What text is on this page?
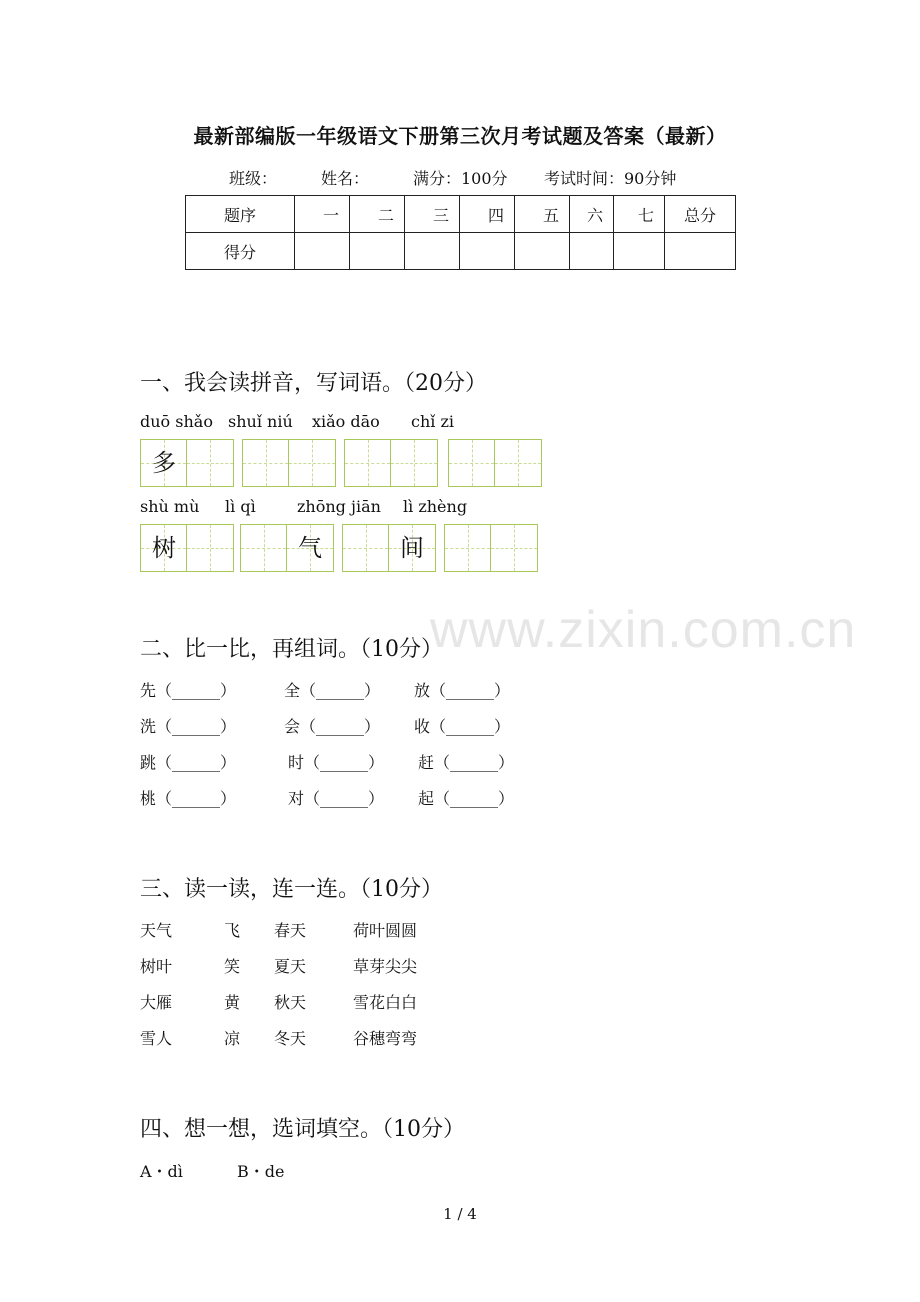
最新部编版一年级语文下册第三次月考试题及答案（最新）
班级：	姓名：	满分：100分 考试时间：90分钟
题序	一	二	三	四	五	六	七	总分
得分								
一、我会读拼音，写词语。（20分）
duō shǎo shuǐ niú xiǎo dāo chǐ zi
多
shù mù lì qì	zhōng jiān lì zhèng
树	气	间
www.zixin.com.cn
二、比一比，再组词。（10分）
先（______）	全（______） 放（______）
洗（______）	会（______） 收（______）
跳（______）	时（______） 赶（______）
桃（______）	对（______） 起（______）
三、读一读，连一连。（10分）
天气	飞 春天	荷叶圆圆
树叶	笑 夏天	草芽尖尖
大雁	黄 秋天	雪花白白
雪人	凉 冬天	谷穗弯弯
四、想一想，选词填空。（10分）
A・dì	B・de
1 / 4
